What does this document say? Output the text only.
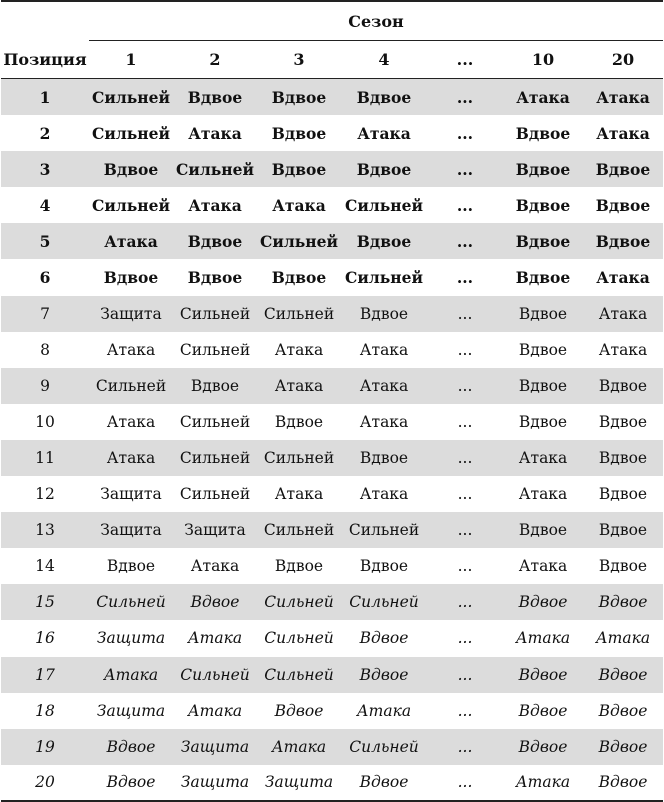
	Сезон						
Позиция	1	2	3	4	...	10	20

1	Сильней	Вдвое	Вдвое	Вдвое	...	Атака	Атака
2	Сильней	Атака	Вдвое	Атака	...	Вдвое	Атака
3	Вдвое	Сильней	Вдвое	Вдвое	...	Вдвое	Вдвое
4	Сильней	Атака	Атака	Сильней	...	Вдвое	Вдвое
5	Атака	Вдвое	Сильней	Вдвое	...	Вдвое	Вдвое
6	Вдвое	Вдвое	Вдвое	Сильней	...	Вдвое	Атака
7	Защита	Сильней	Сильней	Вдвое	...	Вдвое	Атака
8	Атака	Сильней	Атака	Атака	...	Вдвое	Атака
9	Сильней	Вдвое	Атака	Атака	...	Вдвое	Вдвое
10	Атака	Сильней	Вдвое	Атака	...	Вдвое	Вдвое
11	Атака	Сильней	Сильней	Вдвое	...	Атака	Вдвое
12	Защита	Сильней	Атака	Атака	...	Атака	Вдвое
13	Защита	Защита	Сильней	Сильней	...	Вдвое	Вдвое
14	Вдвое	Атака	Вдвое	Вдвое	...	Атака	Вдвое
15	Сильней	Вдвое	Сильней	Сильней	...	Вдвое	Вдвое
16	Защита	Атака	Сильней	Вдвое	...	Атака	Атака
17	Атака	Сильней	Сильней	Вдвое	...	Вдвое	Вдвое
18	Защита	Атака	Вдвое	Атака	...	Вдвое	Вдвое
19	Вдвое	Защита	Атака	Сильней	...	Вдвое	Вдвое
20	Вдвое	Защита	Защита	Вдвое	...	Атака	Вдвое
